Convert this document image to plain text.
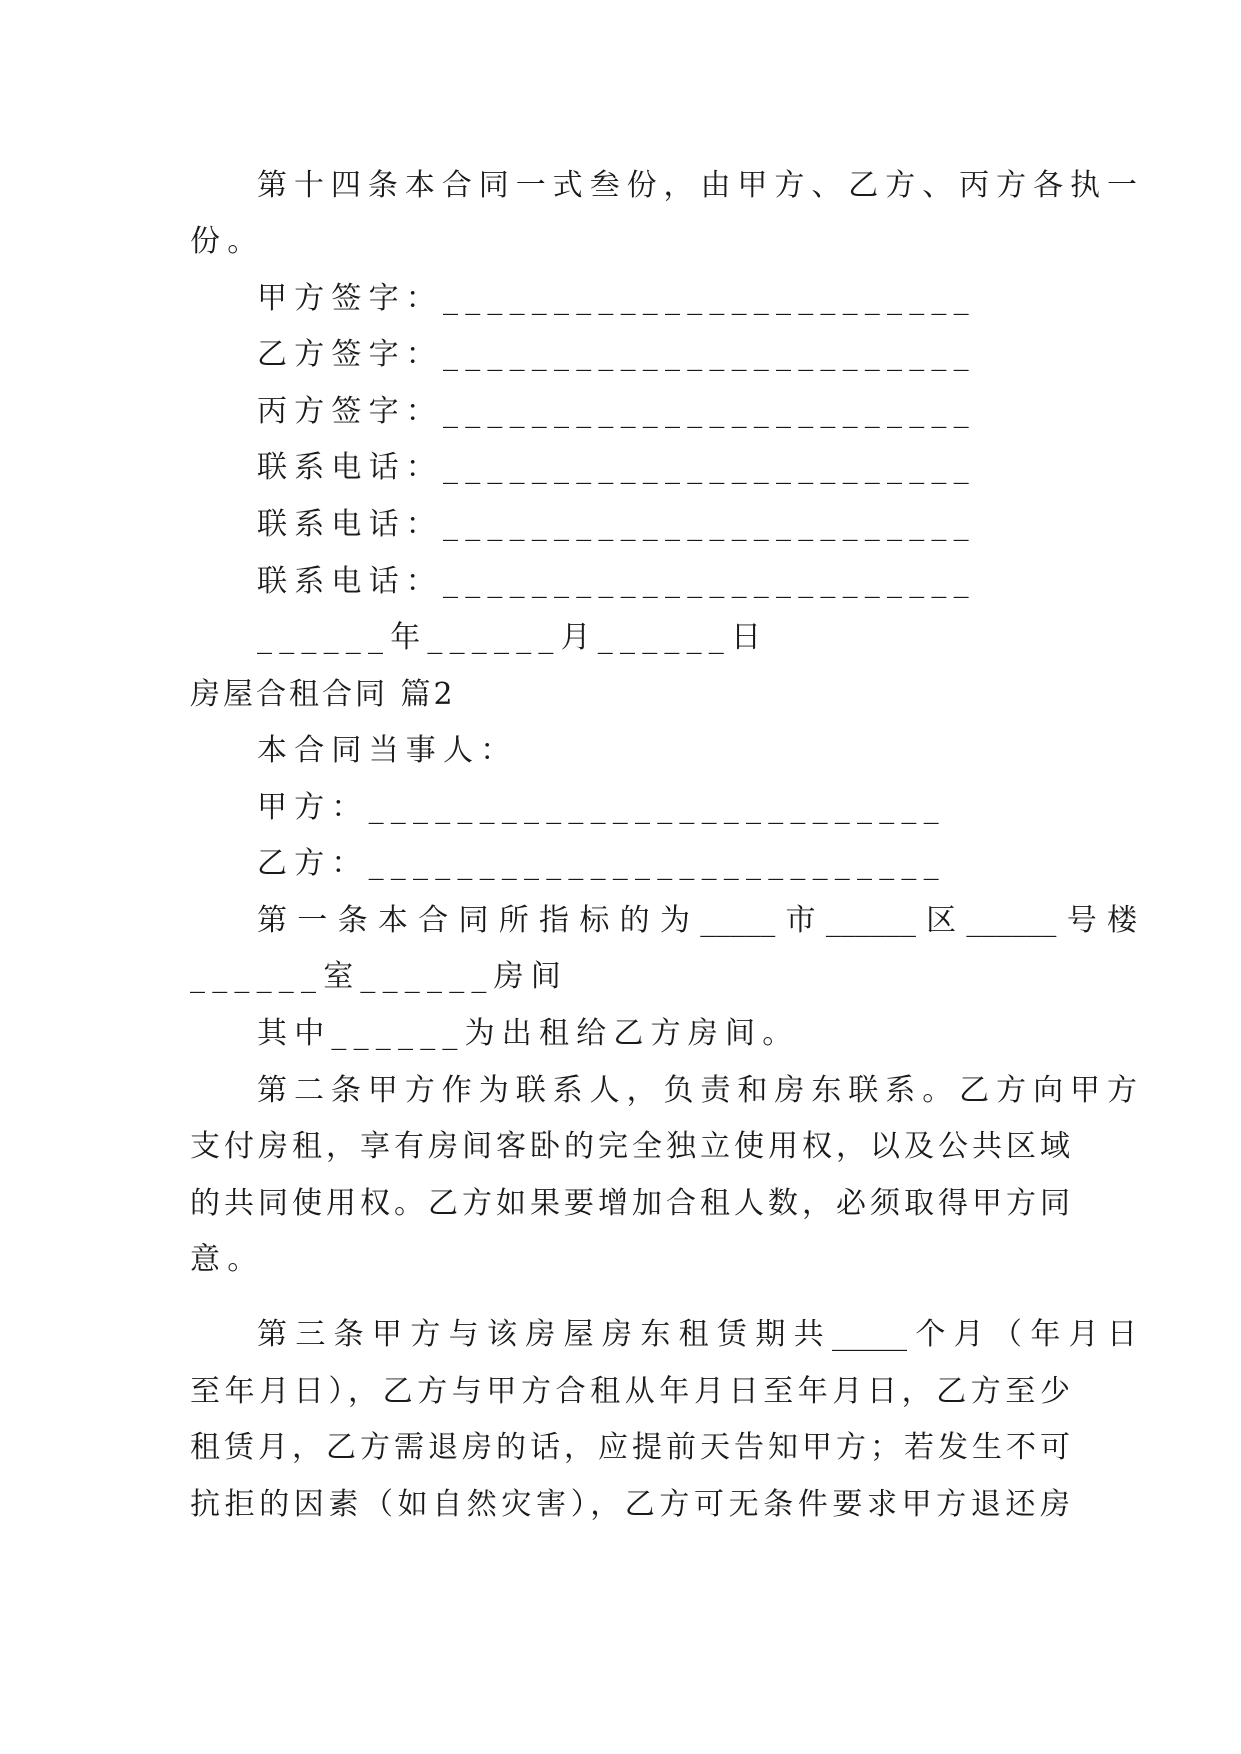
第十四条本合同一式叁份，由甲方、乙方、丙方各执一
份。
甲方签字：________________________
乙方签字：________________________
丙方签字：________________________
联系电话：________________________
联系电话：________________________
联系电话：________________________
______年______月______日
房屋合租合同 篇2
本合同当事人：
甲方：__________________________
乙方：__________________________
第一条本合同所指标的为_____市______区______号楼
______室______房间
其中______为出租给乙方房间。
第二条甲方作为联系人，负责和房东联系。乙方向甲方
支付房租，享有房间客卧的完全独立使用权，以及公共区域
的共同使用权。乙方如果要增加合租人数，必须取得甲方同
意。
第三条甲方与该房屋房东租赁期共_____个月（年月日
至年月日），乙方与甲方合租从年月日至年月日，乙方至少
租赁月，乙方需退房的话，应提前天告知甲方；若发生不可
抗拒的因素（如自然灾害），乙方可无条件要求甲方退还房
